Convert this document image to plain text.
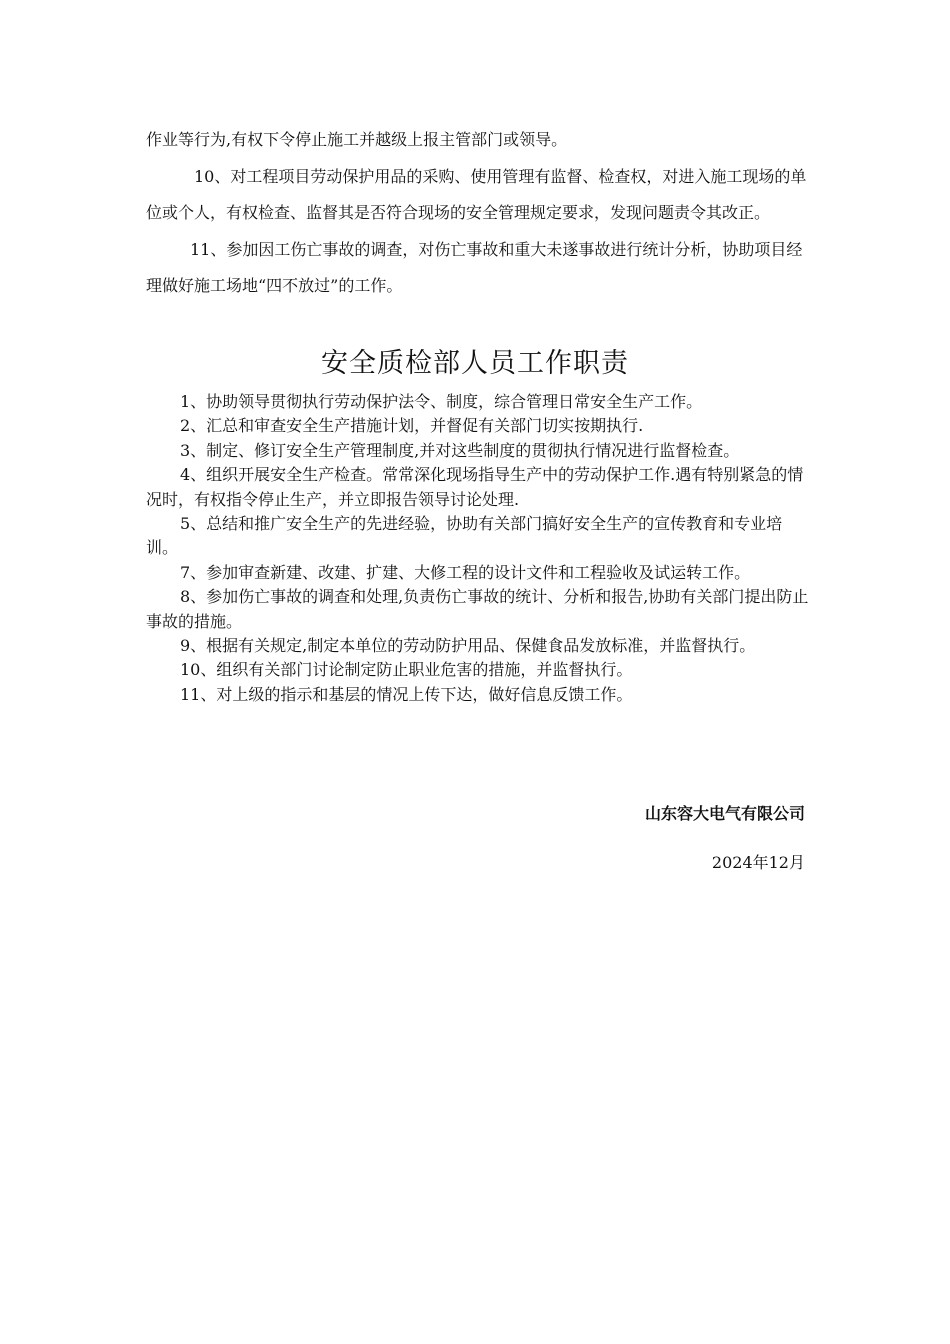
作业等行为,有权下令停止施工并越级上报主管部门或领导。

10、对工程项目劳动保护用品的采购、使用管理有监督、检查权，对进入施工现场的单位或个人，有权检查、监督其是否符合现场的安全管理规定要求，发现问题责令其改正。

11、参加因工伤亡事故的调查，对伤亡事故和重大未遂事故进行统计分析，协助项目经理做好施工场地“四不放过”的工作。

安全质检部人员工作职责

1、协助领导贯彻执行劳动保护法令、制度，综合管理日常安全生产工作。

2、汇总和审查安全生产措施计划，并督促有关部门切实按期执行.

3、制定、修订安全生产管理制度,并对这些制度的贯彻执行情况进行监督检查。

4、组织开展安全生产检查。常常深化现场指导生产中的劳动保护工作.遇有特别紧急的情况时，有权指令停止生产，并立即报告领导讨论处理.

5、总结和推广安全生产的先进经验，协助有关部门搞好安全生产的宣传教育和专业培训。

7、参加审查新建、改建、扩建、大修工程的设计文件和工程验收及试运转工作。

8、参加伤亡事故的调查和处理,负责伤亡事故的统计、分析和报告,协助有关部门提出防止事故的措施。

9、根据有关规定,制定本单位的劳动防护用品、保健食品发放标准，并监督执行。

10、组织有关部门讨论制定防止职业危害的措施，并监督执行。

11、对上级的指示和基层的情况上传下达，做好信息反馈工作。

山东容大电气有限公司
2024年12月
